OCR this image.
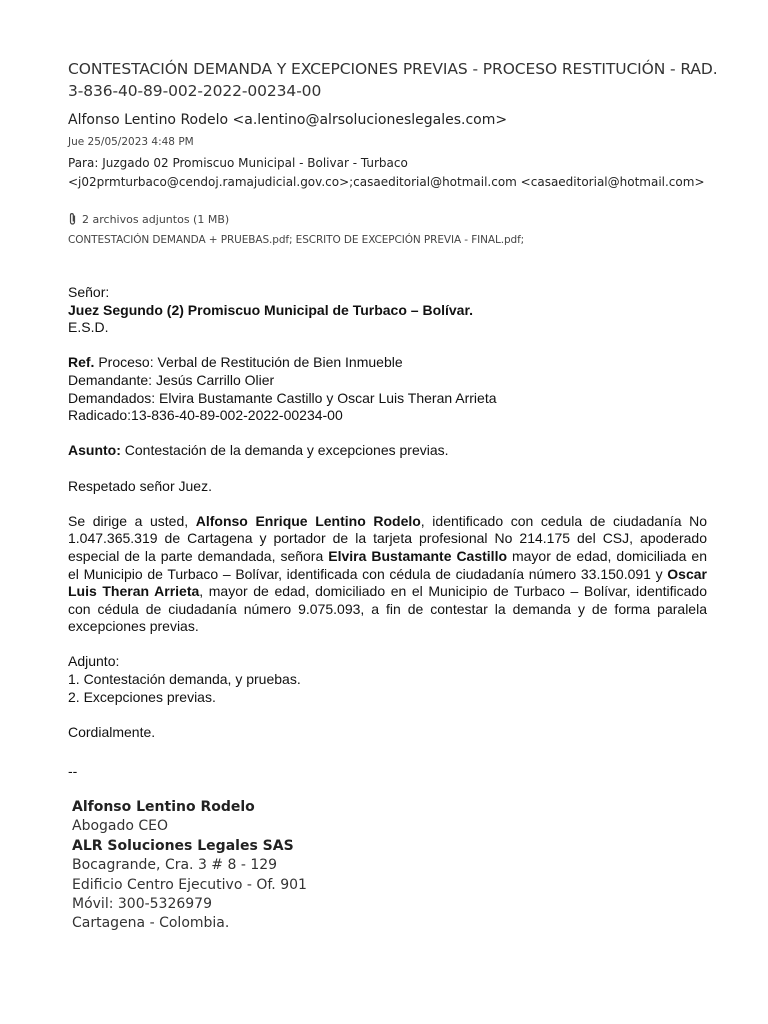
CONTESTACIÓN DEMANDA Y EXCEPCIONES PREVIAS - PROCESO RESTITUCIÓN - RAD. 3-836-40-89-002-2022-00234-00
Alfonso Lentino Rodelo <a.lentino@alrsolucioneslegales.com>
Jue 25/05/2023 4:48 PM
Para: Juzgado 02 Promiscuo Municipal - Bolivar - Turbaco
<j02prmturbaco@cendoj.ramajudicial.gov.co>;casaeditorial@hotmail.com <casaeditorial@hotmail.com>
2 archivos adjuntos (1 MB)
CONTESTACIÓN DEMANDA + PRUEBAS.pdf; ESCRITO DE EXCEPCIÓN PREVIA - FINAL.pdf;

Señor:

Juez Segundo (2) Promiscuo Municipal de Turbaco – Bolívar.

E.S.D.

Ref. Proceso: Verbal de Restitución de Bien Inmueble

Demandante: Jesús Carrillo Olier

Demandados: Elvira Bustamante Castillo y Oscar Luis Theran Arrieta

Radicado:13-836-40-89-002-2022-00234-00

Asunto: Contestación de la demanda y excepciones previas.

Respetado señor Juez.

Se dirige a usted, Alfonso Enrique Lentino Rodelo, identificado con cedula de ciudadanía No 1.047.365.319 de Cartagena y portador de la tarjeta profesional No 214.175 del CSJ, apoderado especial de la parte demandada, señora Elvira Bustamante Castillo mayor de edad, domiciliada en el Municipio de Turbaco – Bolívar, identificada con cédula de ciudadanía número 33.150.091 y Oscar Luis Theran Arrieta, mayor de edad, domiciliado en el Municipio de Turbaco – Bolívar, identificado con cédula de ciudadanía número 9.075.093, a fin de contestar la demanda y de forma paralela excepciones previas.

Adjunto:

1. Contestación demanda, y pruebas.

2. Excepciones previas.

Cordialmente.

--

Alfonso Lentino Rodelo
Abogado CEO
ALR Soluciones Legales SAS
Bocagrande, Cra. 3 # 8 - 129
Edificio Centro Ejecutivo - Of. 901
Móvil: 300-5326979
Cartagena - Colombia.
